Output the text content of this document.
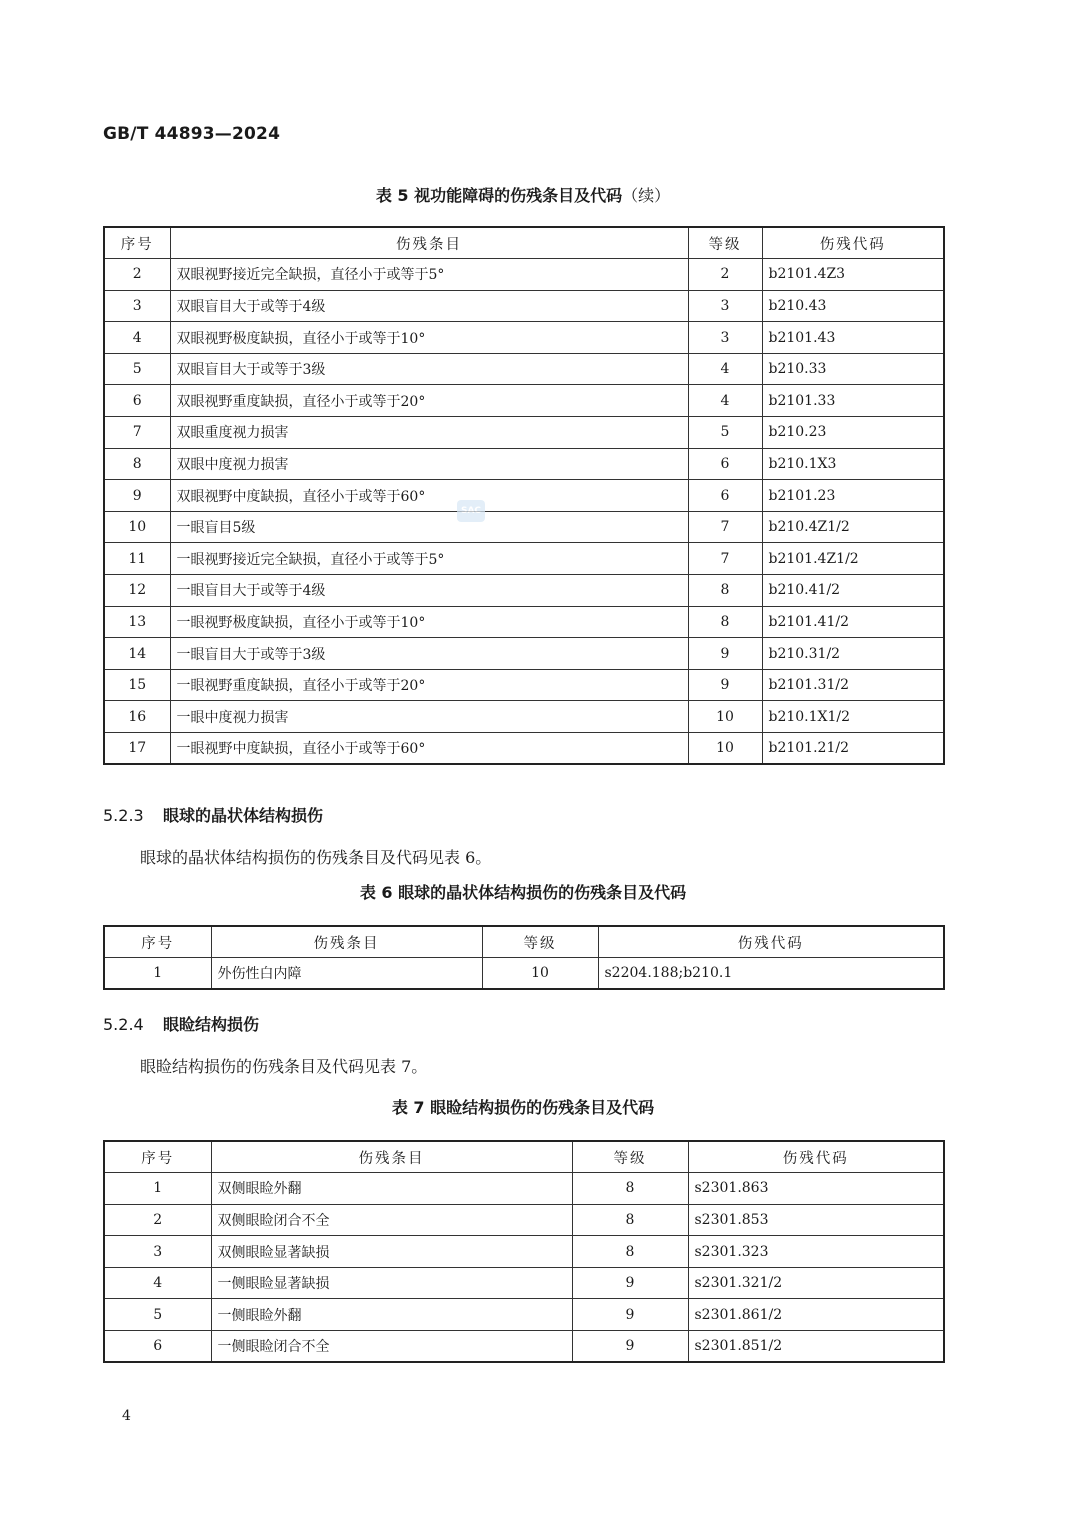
GB/T 44893—2024
表 5 视功能障碍的伤残条目及代码（续）
序号	伤残条目	等级	伤残代码
2	双眼视野接近完全缺损，直径小于或等于5°	2	b2101.4Z3
3	双眼盲目大于或等于4级	3	b210.43
4	双眼视野极度缺损，直径小于或等于10°	3	b2101.43
5	双眼盲目大于或等于3级	4	b210.33
6	双眼视野重度缺损，直径小于或等于20°	4	b2101.33
7	双眼重度视力损害	5	b210.23
8	双眼中度视力损害	6	b210.1X3
9	双眼视野中度缺损，直径小于或等于60°	6	b2101.23
10	一眼盲目5级	7	b210.4Z1/2
11	一眼视野接近完全缺损，直径小于或等于5°	7	b2101.4Z1/2
12	一眼盲目大于或等于4级	8	b210.41/2
13	一眼视野极度缺损，直径小于或等于10°	8	b2101.41/2
14	一眼盲目大于或等于3级	9	b210.31/2
15	一眼视野重度缺损，直径小于或等于20°	9	b2101.31/2
16	一眼中度视力损害	10	b210.1X1/2
17	一眼视野中度缺损，直径小于或等于60°	10	b2101.21/2
SAC
5.2.3 眼球的晶状体结构损伤
眼球的晶状体结构损伤的伤残条目及代码见表 6。
表 6 眼球的晶状体结构损伤的伤残条目及代码
序号	伤残条目	等级	伤残代码
1	外伤性白内障	10	s2204.188;b210.1
5.2.4 眼睑结构损伤
眼睑结构损伤的伤残条目及代码见表 7。
表 7 眼睑结构损伤的伤残条目及代码
序号	伤残条目	等级	伤残代码
1	双侧眼睑外翻	8	s2301.863
2	双侧眼睑闭合不全	8	s2301.853
3	双侧眼睑显著缺损	8	s2301.323
4	一侧眼睑显著缺损	9	s2301.321/2
5	一侧眼睑外翻	9	s2301.861/2
6	一侧眼睑闭合不全	9	s2301.851/2
4
